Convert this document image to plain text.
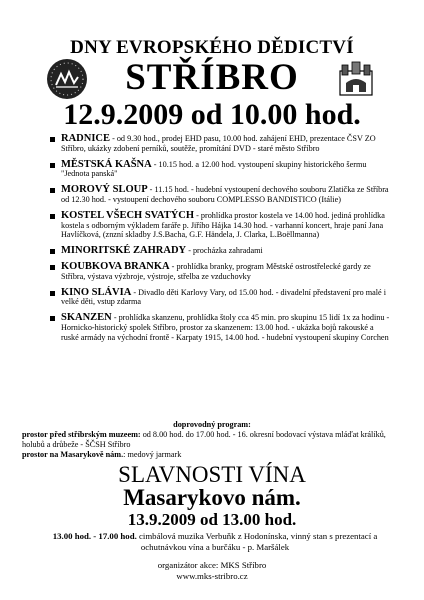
DNY EVROPSKÉHO DĚDICTVÍ
STŘÍBRO
12.9.2009 od 10.00 hod.
RADNICE - od 9.30 hod., prodej EHD pasu, 10.00 hod. zahájení EHD, prezentace ČSV ZO Stříbro, ukázky zdobení perníků, soutěže, promítání DVD - staré město Stříbro
MĚSTSKÁ KAŠNA - 10.15 hod. a 12.00 hod. vystoupení skupiny historického šermu "Jednota panská"
MOROVÝ SLOUP - 11.15 hod. - hudební vystoupení dechového souboru Zlatička ze Stříbra od 12.30 hod. - vystoupení dechového souboru COMPLESSO BANDISTICO (Itálie)
KOSTEL VŠECH SVATÝCH - prohlídka prostor kostela ve 14.00 hod. jediná prohlídka kostela s odborným výkladem faráře p. Jiřího Hájka 14.30 hod. - varhanní koncert, hraje paní Jana Havlíčková, (znzní skladby J.S.Bacha, G.F. Händela, J. Clarka, L.Boëllmanna)
MINORITSKÉ ZAHRADY - procházka zahradami
KOUBKOVA BRANKA - prohlídka branky, program Městské ostrostřelecké gardy ze Stříbra, výstava výzbroje, výstroje, střelba ze vzduchovky
KINO SLÁVIA - Divadlo děti Karlovy Vary, od 15.00 hod. - divadelní představení pro malé i velké děti, vstup zdarma
SKANZEN - prohlídka skanzenu, prohlídka štoly cca 45 min. pro skupinu 15 lidí 1x za hodinu - Hornicko-historický spolek Stříbro, prostor za skanzenem: 13.00 hod. - ukázka bojů rakouské a ruské armády na východní frontě - Karpaty 1915, 14.00 hod. - hudební vystoupení skupiny Corchen
doprovodný program:
prostor před stříbrským muzeem: od 8.00 hod. do 17.00 hod. - 16. okresní bodovací výstava mláďat králíků, holubů a drůbeže - ŠČSH Stříbro
prostor na Masarykově nám.: medový jarmark
SLAVNOSTI VÍNA
Masarykovo nám.
13.9.2009 od 13.00 hod.
13.00 hod. - 17.00 hod. cimbálová muzika Verbuňk z Hodonínska, vinný stan s prezentací a ochutnávkou vína a burčáku - p. Maršálek
organizátor akce: MKS Stříbro
www.mks-stribro.cz
